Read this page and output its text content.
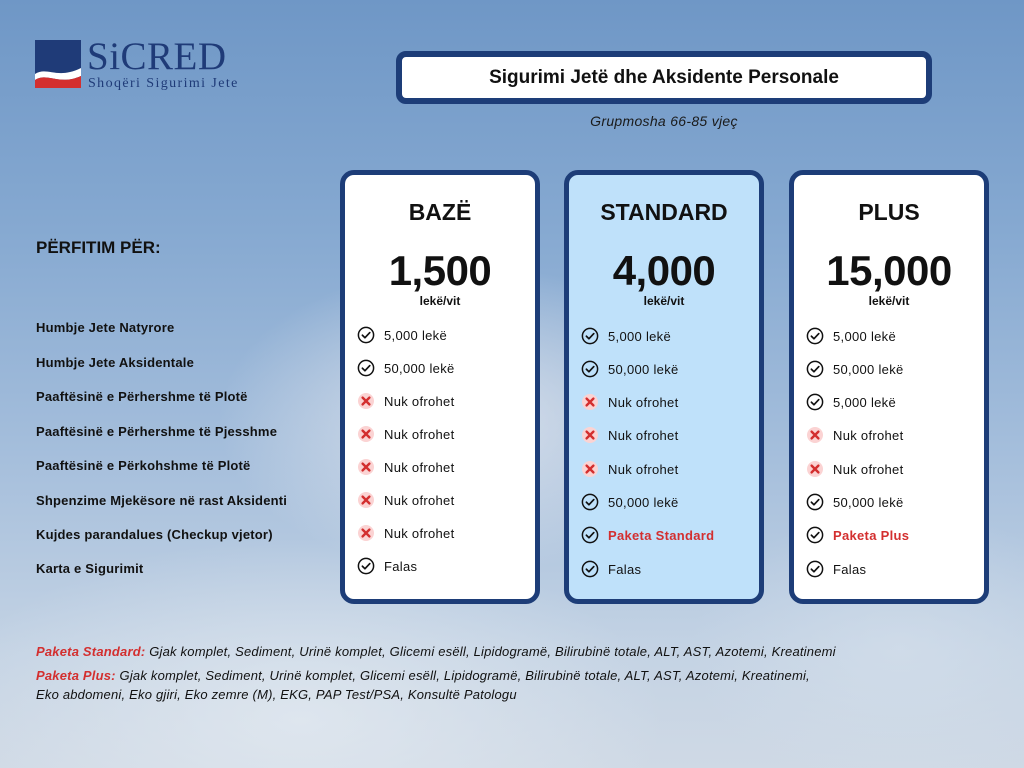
SiCRED
Shoqëri Sigurimi Jete	Sigurimi Jetë dhe Aksidente Personale
Grupmosha 66-85 vjeç
PËRFITIM PËR:
Humbje Jete Natyrore
Humbje Jete Aksidentale
Paaftësinë e Përhershme të Plotë
Paaftësinë e Përhershme të Pjesshme
Paaftësinë e Përkohshme të Plotë
Shpenzime Mjekësore në rast Aksidenti
Kujdes parandalues (Checkup vjetor)
Karta e Sigurimit
BAZË
1,500
lekë/vit
5,000 lekë
50,000 lekë
Nuk ofrohet
Nuk ofrohet
Nuk ofrohet
Nuk ofrohet
Nuk ofrohet
Falas
STANDARD
4,000
lekë/vit
5,000 lekë
50,000 lekë
Nuk ofrohet
Nuk ofrohet
Nuk ofrohet
50,000 lekë
Paketa Standard
Falas
PLUS
15,000
lekë/vit
5,000 lekë
50,000 lekë
5,000 lekë
Nuk ofrohet
Nuk ofrohet
50,000 lekë
Paketa Plus
Falas
Paketa Standard: Gjak komplet, Sediment, Urinë komplet, Glicemi esëll, Lipidogramë, Bilirubinë totale, ALT, AST, Azotemi, Kreatinemi
Paketa Plus: Gjak komplet, Sediment, Urinë komplet, Glicemi esëll, Lipidogramë, Bilirubinë totale, ALT, AST, Azotemi, Kreatinemi,
Eko abdomeni, Eko gjiri, Eko zemre (M), EKG, PAP Test/PSA, Konsultë Patologu
